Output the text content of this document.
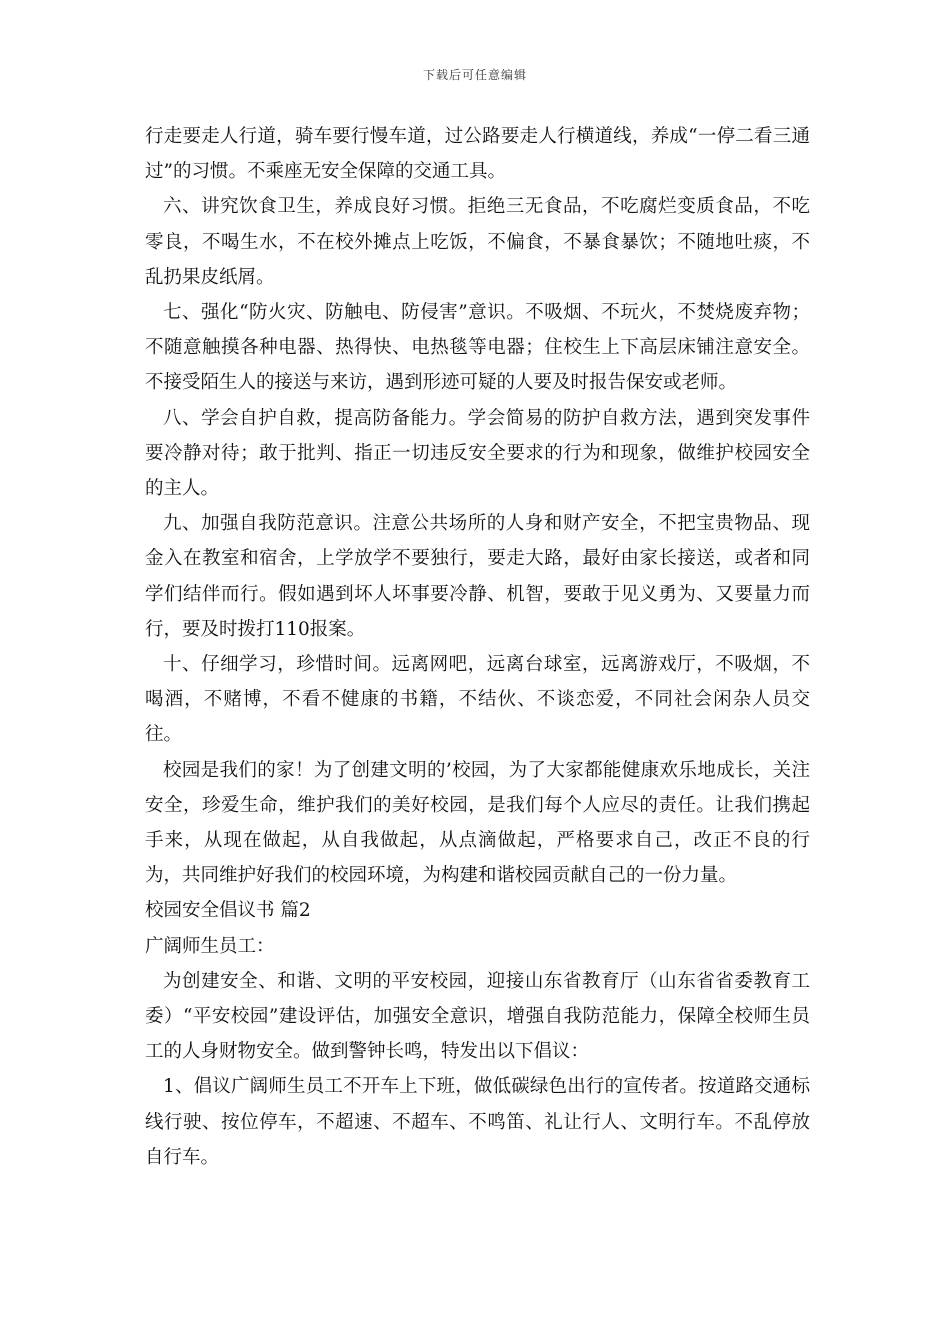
下载后可任意编辑

行走要走人行道，骑车要行慢车道，过公路要走人行横道线，养成“一停二看三通过”的习惯。不乘座无安全保障的交通工具。

六、讲究饮食卫生，养成良好习惯。拒绝三无食品，不吃腐烂变质食品，不吃零良，不喝生水，不在校外摊点上吃饭，不偏食，不暴食暴饮；不随地吐痰，不乱扔果皮纸屑。

七、强化“防火灾、防触电、防侵害”意识。不吸烟、不玩火，不焚烧废弃物；不随意触摸各种电器、热得快、电热毯等电器；住校生上下高层床铺注意安全。不接受陌生人的接送与来访，遇到形迹可疑的人要及时报告保安或老师。

八、学会自护自救，提高防备能力。学会简易的防护自救方法，遇到突发事件要冷静对待；敢于批判、指正一切违反安全要求的行为和现象，做维护校园安全的主人。

九、加强自我防范意识。注意公共场所的人身和财产安全，不把宝贵物品、现金入在教室和宿舍，上学放学不要独行，要走大路，最好由家长接送，或者和同学们结伴而行。假如遇到坏人坏事要冷静、机智，要敢于见义勇为、又要量力而行，要及时拨打110报案。

十、仔细学习，珍惜时间。远离网吧，远离台球室，远离游戏厅，不吸烟，不喝酒，不赌博，不看不健康的书籍，不结伙、不谈恋爱，不同社会闲杂人员交往。

校园是我们的家！为了创建文明的’校园，为了大家都能健康欢乐地成长，关注安全，珍爱生命，维护我们的美好校园，是我们每个人应尽的责任。让我们携起手来，从现在做起，从自我做起，从点滴做起，严格要求自己，改正不良的行为，共同维护好我们的校园环境，为构建和谐校园贡献自己的一份力量。

校园安全倡议书 篇2

广阔师生员工：

为创建安全、和谐、文明的平安校园，迎接山东省教育厅（山东省省委教育工委）“平安校园”建设评估，加强安全意识，增强自我防范能力，保障全校师生员工的人身财物安全。做到警钟长鸣，特发出以下倡议：

1、倡议广阔师生员工不开车上下班，做低碳绿色出行的宣传者。按道路交通标线行驶、按位停车，不超速、不超车、不鸣笛、礼让行人、文明行车。不乱停放自行车。
